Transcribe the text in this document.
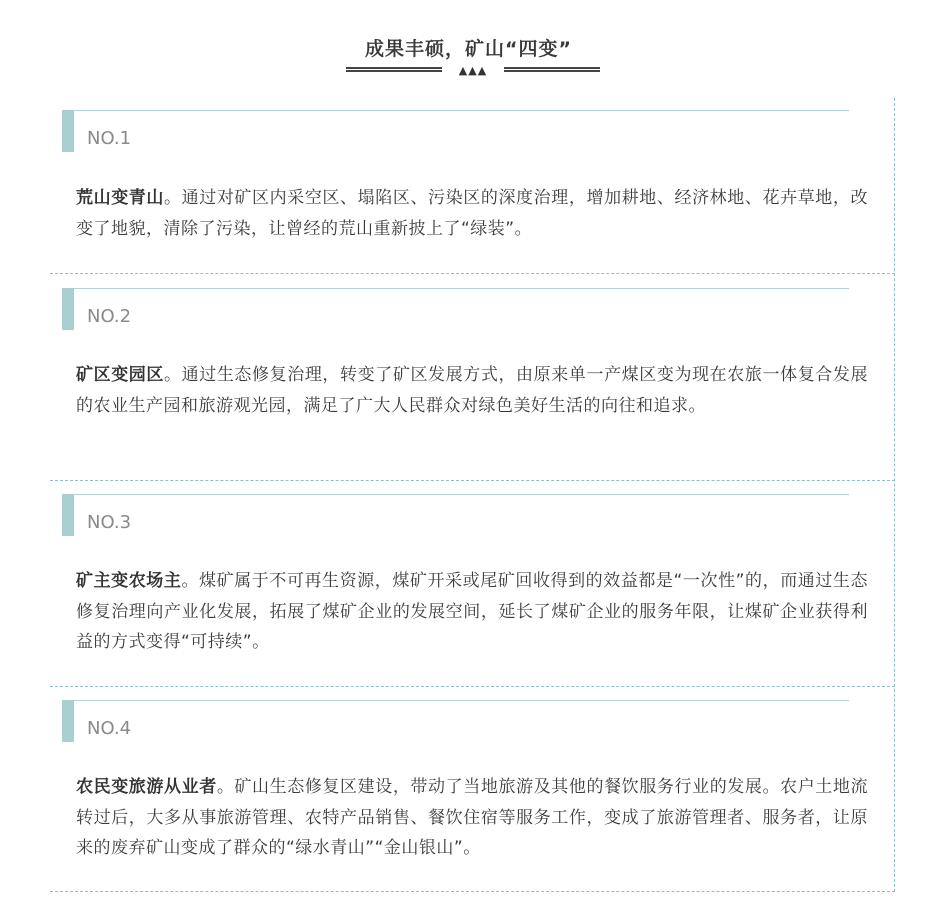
成果丰硕，矿山“四变”
▲▲▲
NO.1
荒山变青山。通过对矿区内采空区、塌陷区、污染区的深度治理，增加耕地、经济林地、花卉草地，改变了地貌，清除了污染，让曾经的荒山重新披上了“绿装”。
NO.2
矿区变园区。通过生态修复治理，转变了矿区发展方式，由原来单一产煤区变为现在农旅一体复合发展的农业生产园和旅游观光园，满足了广大人民群众对绿色美好生活的向往和追求。
NO.3
矿主变农场主。煤矿属于不可再生资源，煤矿开采或尾矿回收得到的效益都是“一次性”的，而通过生态修复治理向产业化发展，拓展了煤矿企业的发展空间，延长了煤矿企业的服务年限，让煤矿企业获得利益的方式变得“可持续”。
NO.4
农民变旅游从业者。矿山生态修复区建设，带动了当地旅游及其他的餐饮服务行业的发展。农户土地流转过后，大多从事旅游管理、农特产品销售、餐饮住宿等服务工作，变成了旅游管理者、服务者，让原来的废弃矿山变成了群众的“绿水青山”“金山银山”。
